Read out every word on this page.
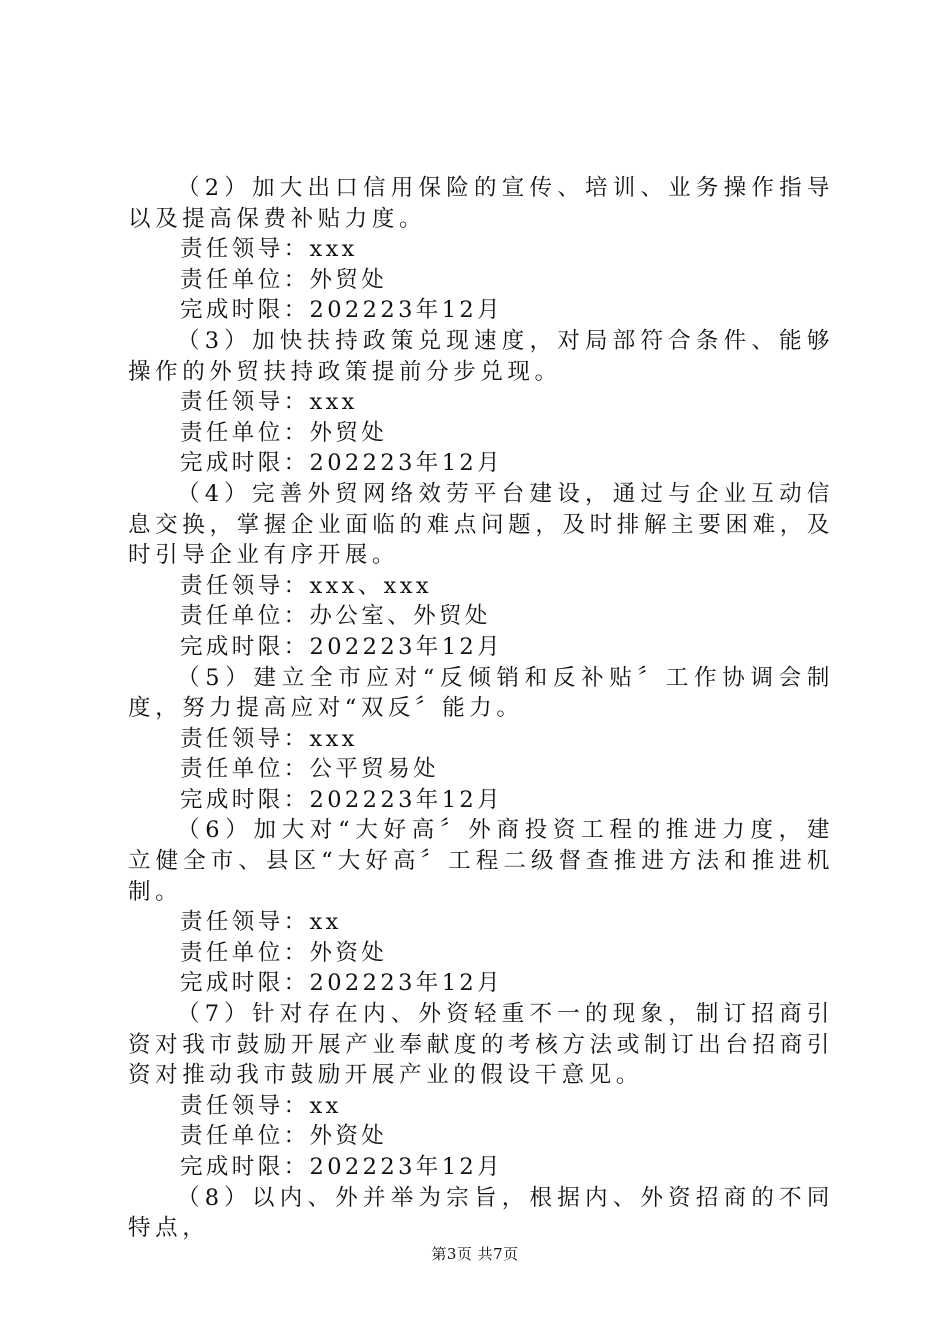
（2）加大出口信用保险的宣传、培训、业务操作指导以及提高保费补贴力度。

责任领导：xxx

责任单位：外贸处

完成时限：202223年12月

（3）加快扶持政策兑现速度，对局部符合条件、能够操作的外贸扶持政策提前分步兑现。

责任领导：xxx

责任单位：外贸处

完成时限：202223年12月

（4）完善外贸网络效劳平台建设，通过与企业互动信息交换，掌握企业面临的难点问题，及时排解主要困难，及时引导企业有序开展。

责任领导：xxx、xxx

责任单位：办公室、外贸处

完成时限：202223年12月

（5）建立全市应对“反倾销和反补贴〞工作协调会制度，努力提高应对“双反〞能力。

责任领导：xxx

责任单位：公平贸易处

完成时限：202223年12月

（6）加大对“大好高〞外商投资工程的推进力度，建立健全市、县区“大好高〞工程二级督查推进方法和推进机制。

责任领导：xx

责任单位：外资处

完成时限：202223年12月

（7）针对存在内、外资轻重不一的现象，制订招商引资对我市鼓励开展产业奉献度的考核方法或制订出台招商引资对推动我市鼓励开展产业的假设干意见。

责任领导：xx

责任单位：外资处

完成时限：202223年12月

（8）以内、外并举为宗旨，根据内、外资招商的不同特点，

第3页 共7页
